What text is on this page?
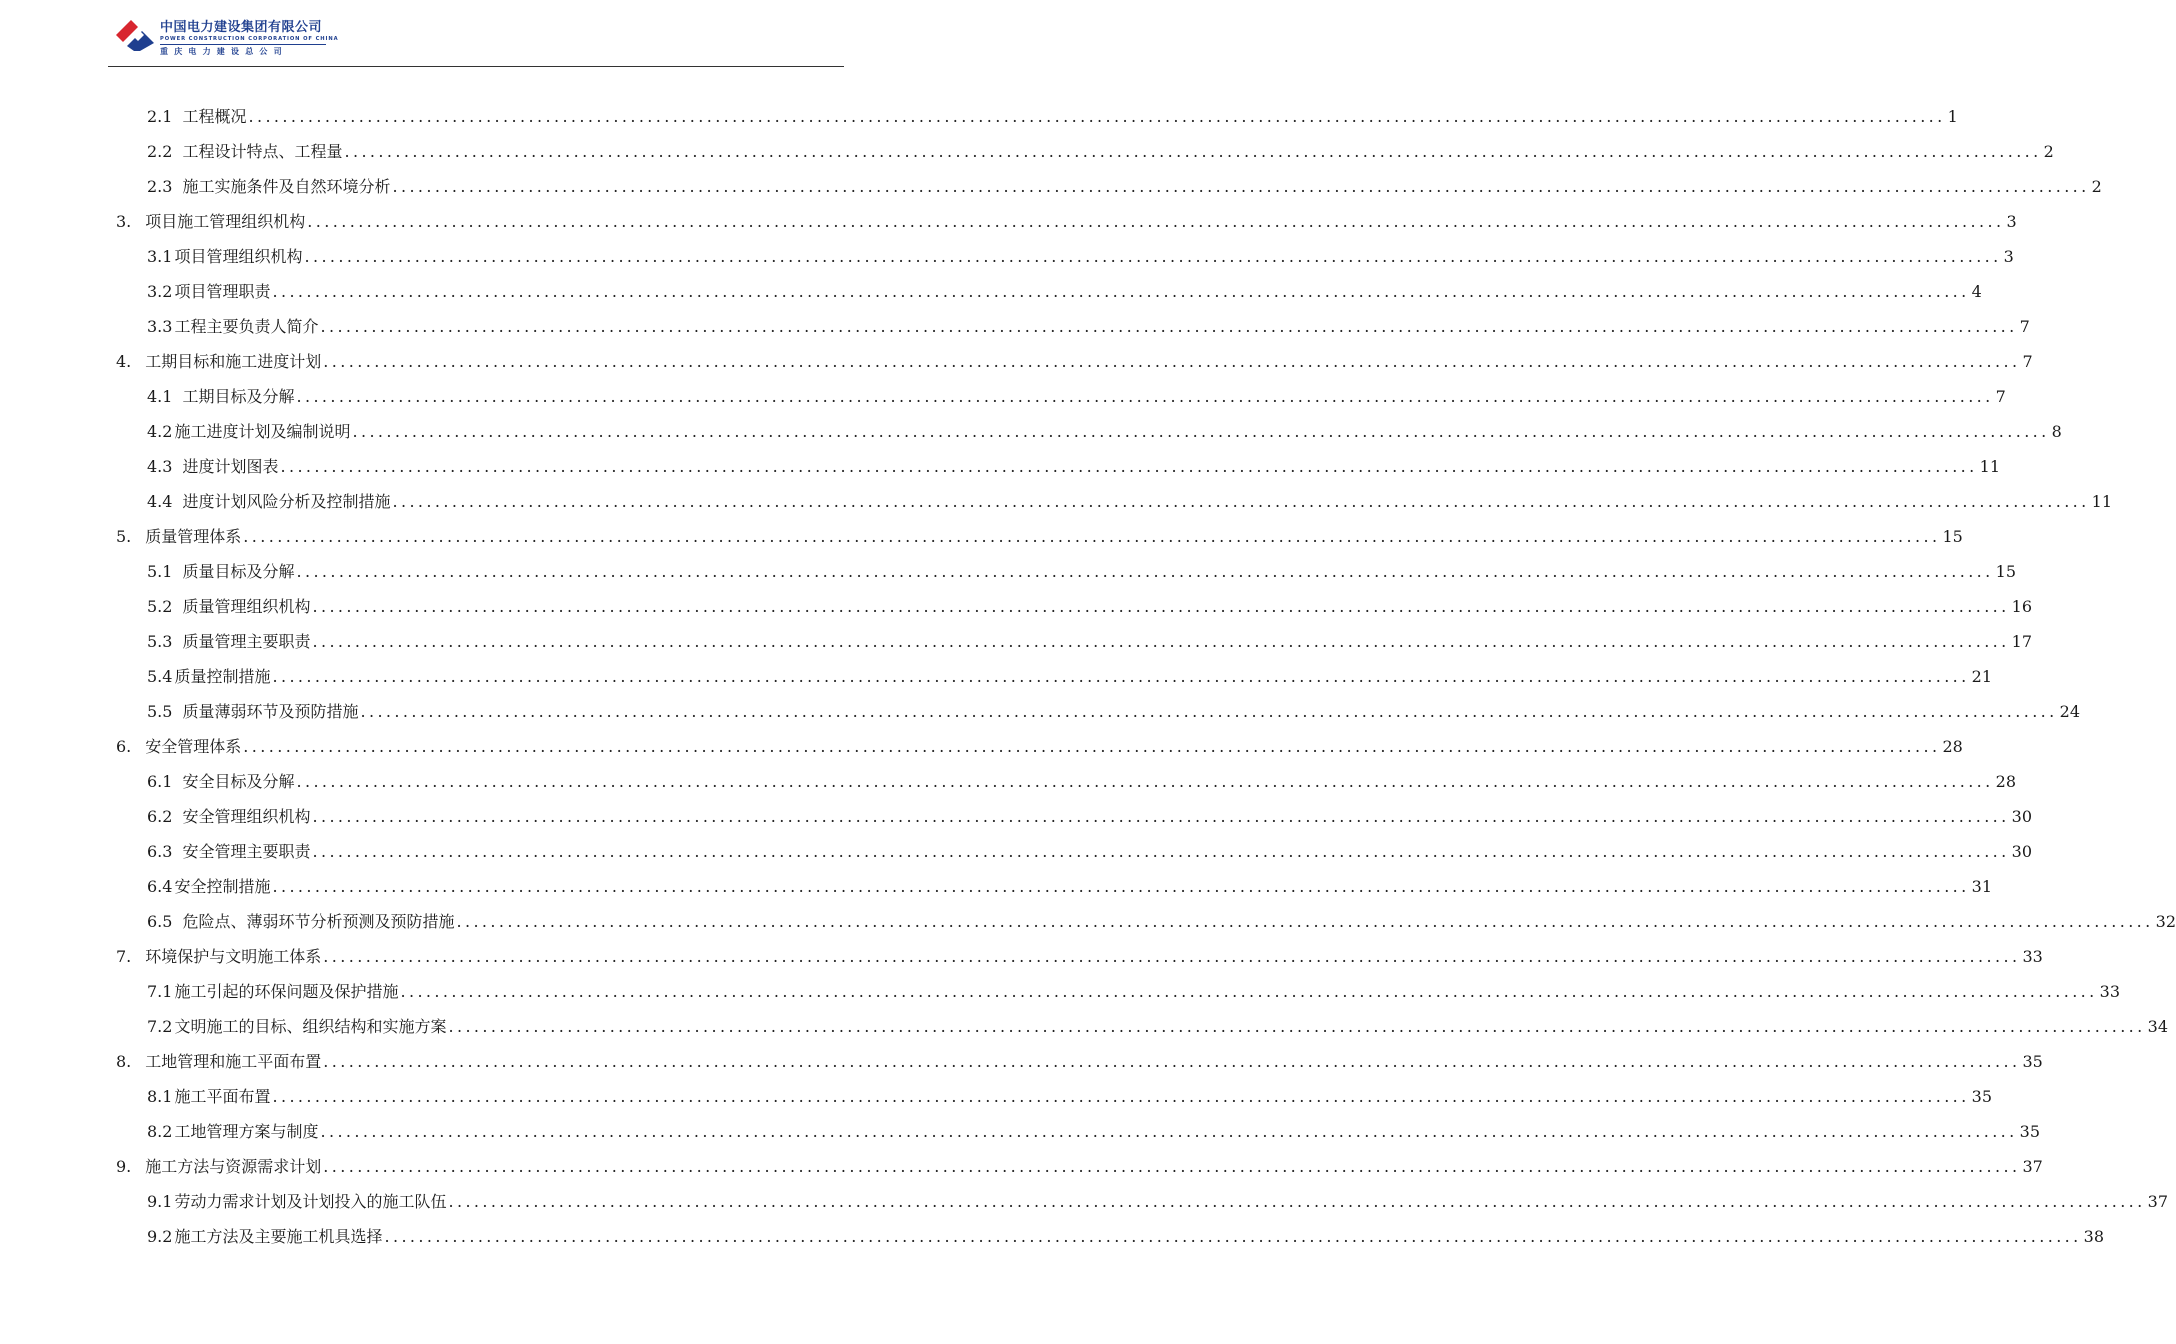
中国电力建设集团有限公司
POWER CONSTRUCTION CORPORATION OF CHINA
重庆电力建设总公司
2.1 工程概况 ........................................................................................................................................................................................................ 1
2.2 工程设计特点、工程量 ........................................................................................................................................................................................................ 2
2.3 施工实施条件及自然环境分析 ........................................................................................................................................................................................................ 2
3. 项目施工管理组织机构 ........................................................................................................................................................................................................ 3
3.1 项目管理组织机构 ........................................................................................................................................................................................................ 3
3.2 项目管理职责 ........................................................................................................................................................................................................ 4
3.3 工程主要负责人简介 ........................................................................................................................................................................................................ 7
4. 工期目标和施工进度计划 ........................................................................................................................................................................................................ 7
4.1 工期目标及分解 ........................................................................................................................................................................................................ 7
4.2 施工进度计划及编制说明 ........................................................................................................................................................................................................ 8
4.3 进度计划图表 ........................................................................................................................................................................................................ 11
4.4 进度计划风险分析及控制措施 ........................................................................................................................................................................................................ 11
5. 质量管理体系 ........................................................................................................................................................................................................ 15
5.1 质量目标及分解 ........................................................................................................................................................................................................ 15
5.2 质量管理组织机构 ........................................................................................................................................................................................................ 16
5.3 质量管理主要职责 ........................................................................................................................................................................................................ 17
5.4 质量控制措施 ........................................................................................................................................................................................................ 21
5.5 质量薄弱环节及预防措施 ........................................................................................................................................................................................................ 24
6. 安全管理体系 ........................................................................................................................................................................................................ 28
6.1 安全目标及分解 ........................................................................................................................................................................................................ 28
6.2 安全管理组织机构 ........................................................................................................................................................................................................ 30
6.3 安全管理主要职责 ........................................................................................................................................................................................................ 30
6.4 安全控制措施 ........................................................................................................................................................................................................ 31
6.5 危险点、薄弱环节分析预测及预防措施 ........................................................................................................................................................................................................ 32
7. 环境保护与文明施工体系 ........................................................................................................................................................................................................ 33
7.1 施工引起的环保问题及保护措施 ........................................................................................................................................................................................................ 33
7.2 文明施工的目标、组织结构和实施方案 ........................................................................................................................................................................................................ 34
8. 工地管理和施工平面布置 ........................................................................................................................................................................................................ 35
8.1 施工平面布置 ........................................................................................................................................................................................................ 35
8.2 工地管理方案与制度 ........................................................................................................................................................................................................ 35
9. 施工方法与资源需求计划 ........................................................................................................................................................................................................ 37
9.1 劳动力需求计划及计划投入的施工队伍 ........................................................................................................................................................................................................ 37
9.2 施工方法及主要施工机具选择 ........................................................................................................................................................................................................ 38
